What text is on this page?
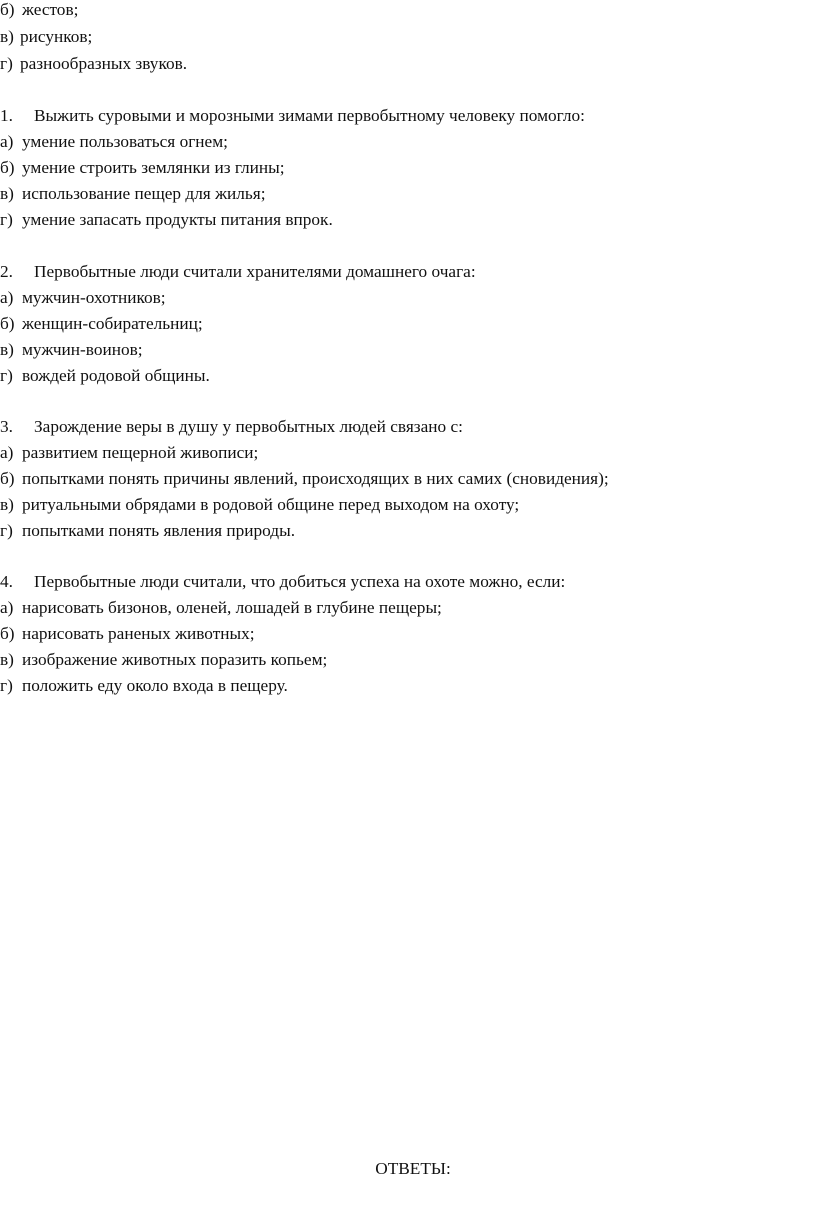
б) жестов;
в) рисунков;
г) разнообразных звуков.
1. Выжить суровыми и морозными зимами первобытному человеку помогло:
а) умение пользоваться огнем;
б) умение строить землянки из глины;
в) использование пещер для жилья;
г) умение запасать продукты питания впрок.
2. Первобытные люди считали хранителями домашнего очага:
а) мужчин-охотников;
б) женщин-собирательниц;
в) мужчин-воинов;
г) вождей родовой общины.
3. Зарождение веры в душу у первобытных людей связано с:
а) развитием пещерной живописи;
б) попытками понять причины явлений, происходящих в них самих (сновидения);
в) ритуальными обрядами в родовой общине перед выходом на охоту;
г) попытками понять явления природы.
4. Первобытные люди считали, что добиться успеха на охоте можно, если:
а) нарисовать бизонов, оленей, лошадей в глубине пещеры;
б) нарисовать раненых животных;
в) изображение животных поразить копьем;
г) положить еду около входа в пещеру.
ОТВЕТЫ:
